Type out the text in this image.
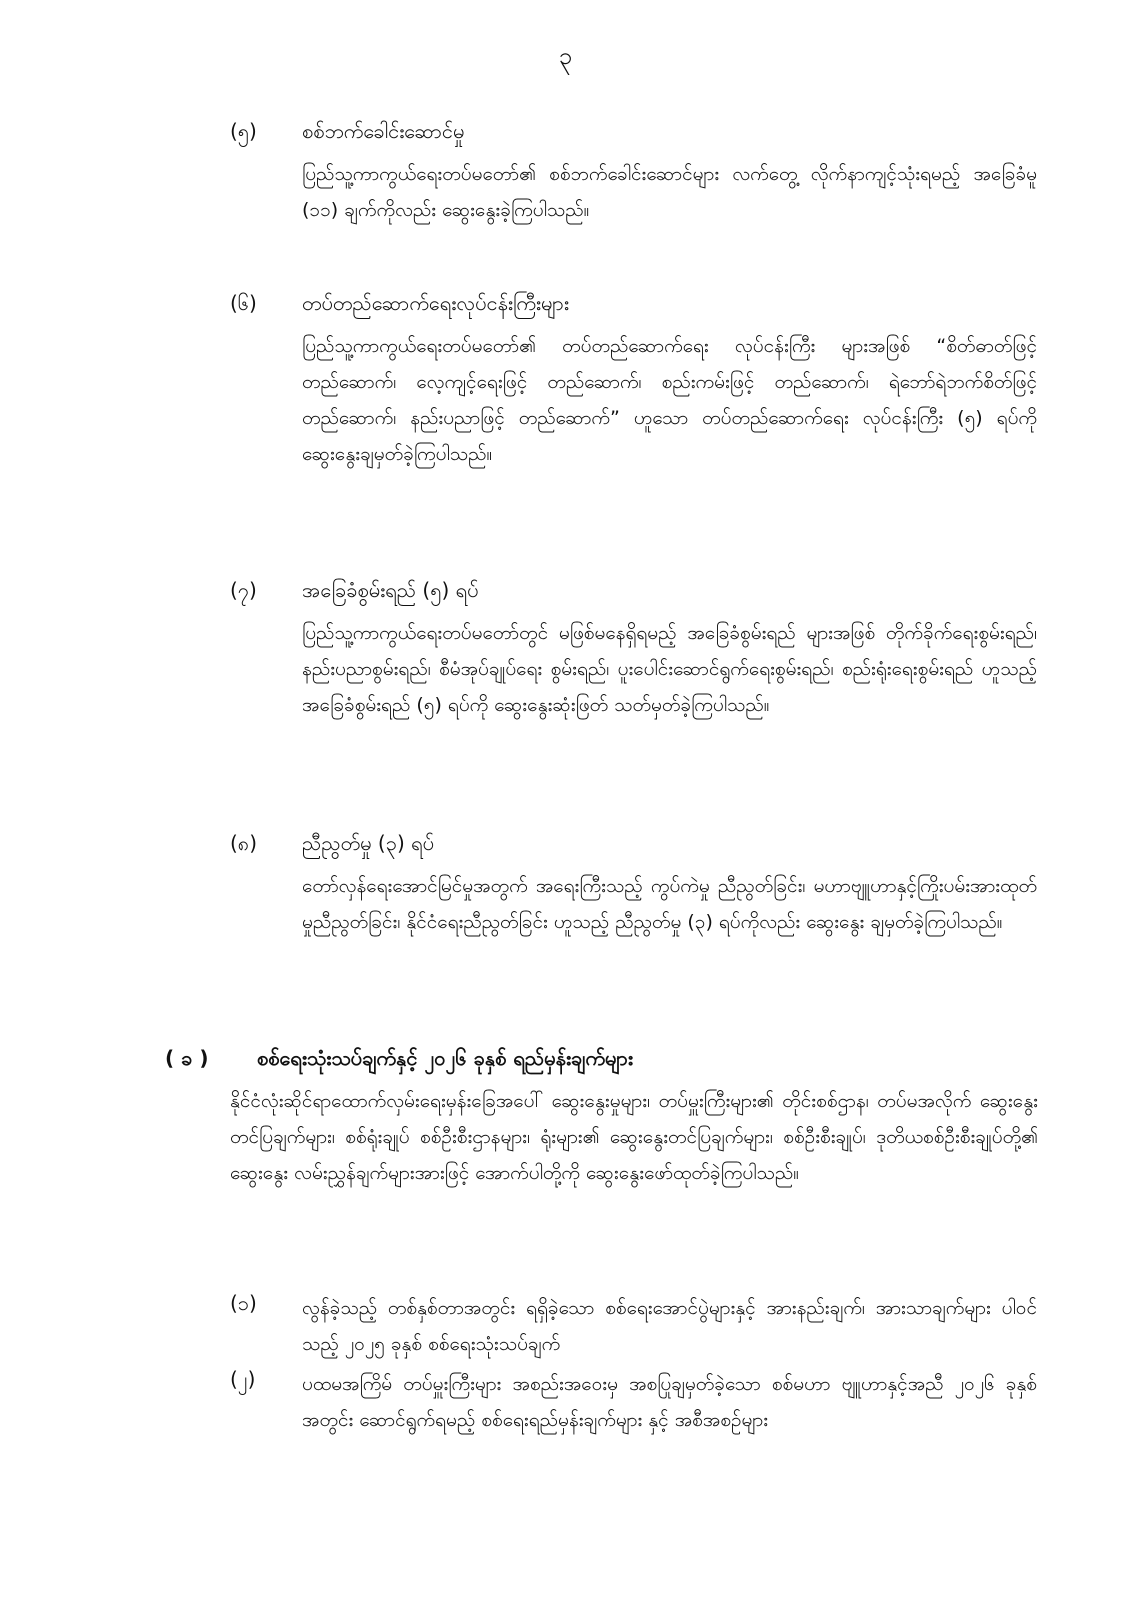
၃
(၅) စစ်ဘက်ခေါင်းဆောင်မှု
ပြည်သူ့ကာကွယ်ရေးတပ်မတော်၏ စစ်ဘက်ခေါင်းဆောင်များ လက်တွေ့ လိုက်နာကျင့်သုံးရမည့် အခြေခံမူ (၁၁) ချက်ကိုလည်း ဆွေးနွေးခဲ့ကြပါသည်။
(၆) တပ်တည်ဆောက်ရေးလုပ်ငန်းကြီးများ
ပြည်သူ့ကာကွယ်ရေးတပ်မတော်၏ တပ်တည်ဆောက်ရေး လုပ်ငန်းကြီး များအဖြစ် “စိတ်ဓာတ်ဖြင့် တည်ဆောက်၊ လေ့ကျင့်ရေးဖြင့် တည်ဆောက်၊ စည်းကမ်းဖြင့် တည်ဆောက်၊ ရဲဘော်ရဲဘက်စိတ်ဖြင့် တည်ဆောက်၊ နည်းပညာဖြင့် တည်ဆောက်” ဟူသော တပ်တည်ဆောက်ရေး လုပ်ငန်းကြီး (၅) ရပ်ကို ဆွေးနွေးချမှတ်ခဲ့ကြပါသည်။
(၇) အခြေခံစွမ်းရည် (၅) ရပ်
ပြည်သူ့ကာကွယ်ရေးတပ်မတော်တွင် မဖြစ်မနေရှိရမည့် အခြေခံစွမ်းရည် များအဖြစ် တိုက်ခိုက်ရေးစွမ်းရည်၊ နည်းပညာစွမ်းရည်၊ စီမံအုပ်ချုပ်ရေး စွမ်းရည်၊ ပူးပေါင်းဆောင်ရွက်ရေးစွမ်းရည်၊ စည်းရုံးရေးစွမ်းရည် ဟူသည့် အခြေခံစွမ်းရည် (၅) ရပ်ကို ဆွေးနွေးဆုံးဖြတ် သတ်မှတ်ခဲ့ကြပါသည်။
(၈) ညီညွတ်မှု (၃) ရပ်
တော်လှန်ရေးအောင်မြင်မှုအတွက် အရေးကြီးသည့် ကွပ်ကဲမှု ညီညွတ်ခြင်း၊ မဟာဗျူဟာနှင့်ကြိုးပမ်းအားထုတ်မှုညီညွတ်ခြင်း၊ နိုင်ငံရေးညီညွတ်ခြင်း ဟူသည့် ညီညွတ်မှု (၃) ရပ်ကိုလည်း ဆွေးနွေး ချမှတ်ခဲ့ကြပါသည်။
( ခ ) စစ်ရေးသုံးသပ်ချက်နှင့် ၂၀၂၆ ခုနှစ် ရည်မှန်းချက်များ
နိုင်ငံလုံးဆိုင်ရာထောက်လှမ်းရေးမှန်းခြေအပေါ် ဆွေးနွေးမှုများ၊ တပ်မှူးကြီးများ၏ တိုင်းစစ်ဌာန၊ တပ်မအလိုက် ဆွေးနွေးတင်ပြချက်များ၊ စစ်ရုံးချုပ် စစ်ဦးစီးဌာနများ၊ ရုံးများ၏ ဆွေးနွေးတင်ပြချက်များ၊ စစ်ဦးစီးချုပ်၊ ဒုတိယစစ်ဦးစီးချုပ်တို့၏ ဆွေးနွေး လမ်းညွှန်ချက်များအားဖြင့် အောက်ပါတို့ကို ဆွေးနွေးဖော်ထုတ်ခဲ့ကြပါသည်။
(၁) လွန်ခဲ့သည့် တစ်နှစ်တာအတွင်း ရရှိခဲ့သော စစ်ရေးအောင်ပွဲများနှင့် အားနည်းချက်၊ အားသာချက်များ ပါဝင်သည့် ၂၀၂၅ ခုနှစ် စစ်ရေးသုံးသပ်ချက်
(၂) ပထမအကြိမ် တပ်မှူးကြီးများ အစည်းအဝေးမှ အစပြုချမှတ်ခဲ့သော စစ်မဟာ ဗျူဟာနှင့်အညီ ၂၀၂၆ ခုနှစ်အတွင်း ဆောင်ရွက်ရမည့် စစ်ရေးရည်မှန်းချက်များ နှင့် အစီအစဉ်များ
